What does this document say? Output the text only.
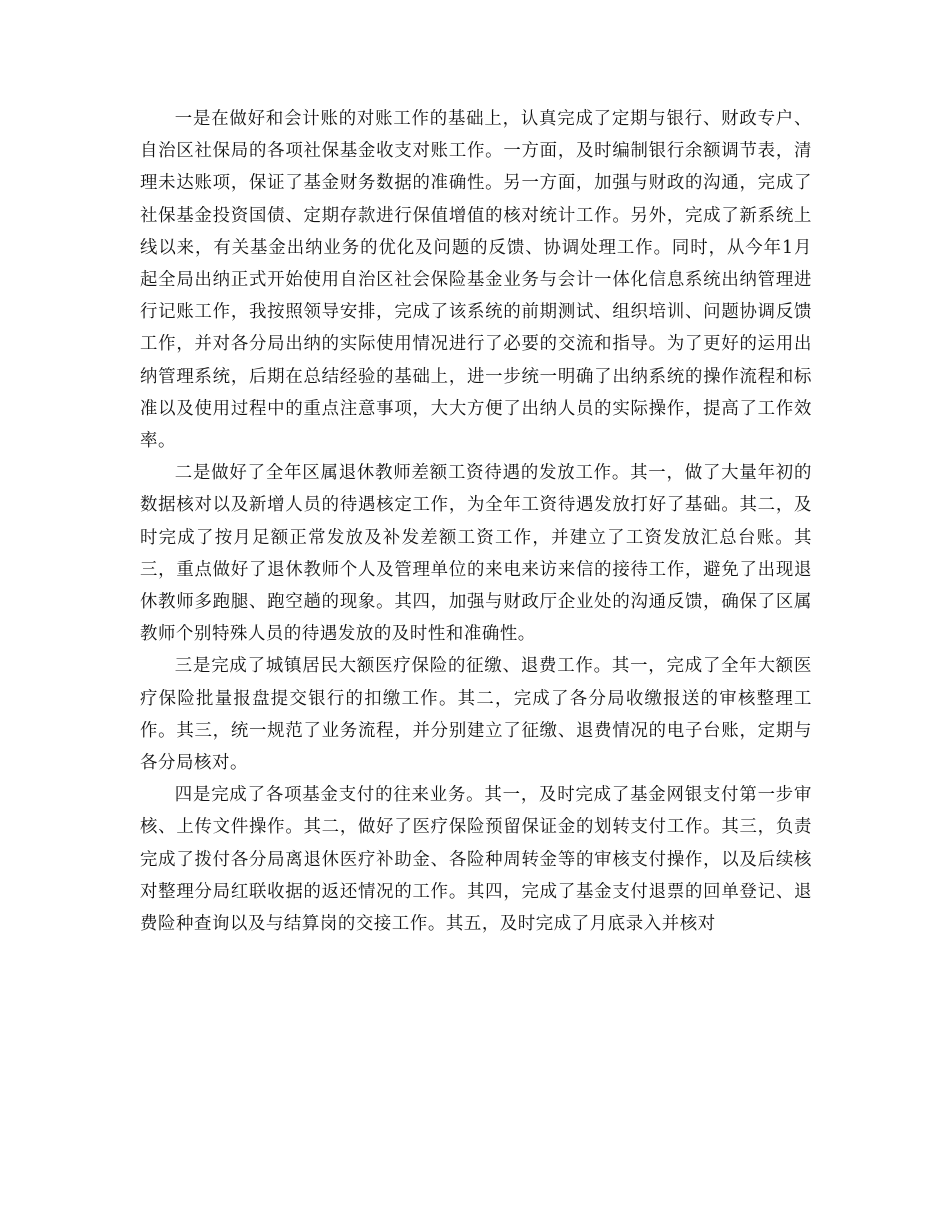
一是在做好和会计账的对账工作的基础上，认真完成了定期与银行、财政专户、自治区社保局的各项社保基金收支对账工作。一方面，及时编制银行余额调节表，清理未达账项，保证了基金财务数据的准确性。另一方面，加强与财政的沟通，完成了社保基金投资国债、定期存款进行保值增值的核对统计工作。另外，完成了新系统上线以来，有关基金出纳业务的优化及问题的反馈、协调处理工作。同时，从今年1月起全局出纳正式开始使用自治区社会保险基金业务与会计一体化信息系统出纳管理进行记账工作，我按照领导安排，完成了该系统的前期测试、组织培训、问题协调反馈工作，并对各分局出纳的实际使用情况进行了必要的交流和指导。为了更好的运用出纳管理系统，后期在总结经验的基础上，进一步统一明确了出纳系统的操作流程和标准以及使用过程中的重点注意事项，大大方便了出纳人员的实际操作，提高了工作效率。

二是做好了全年区属退休教师差额工资待遇的发放工作。其一，做了大量年初的数据核对以及新增人员的待遇核定工作，为全年工资待遇发放打好了基础。其二，及时完成了按月足额正常发放及补发差额工资工作，并建立了工资发放汇总台账。其三，重点做好了退休教师个人及管理单位的来电来访来信的接待工作，避免了出现退休教师多跑腿、跑空趟的现象。其四，加强与财政厅企业处的沟通反馈，确保了区属教师个别特殊人员的待遇发放的及时性和准确性。

三是完成了城镇居民大额医疗保险的征缴、退费工作。其一，完成了全年大额医疗保险批量报盘提交银行的扣缴工作。其二，完成了各分局收缴报送的审核整理工作。其三，统一规范了业务流程，并分别建立了征缴、退费情况的电子台账，定期与各分局核对。

四是完成了各项基金支付的往来业务。其一，及时完成了基金网银支付第一步审核、上传文件操作。其二，做好了医疗保险预留保证金的划转支付工作。其三，负责完成了拨付各分局离退休医疗补助金、各险种周转金等的审核支付操作，以及后续核对整理分局红联收据的返还情况的工作。其四，完成了基金支付退票的回单登记、退费险种查询以及与结算岗的交接工作。其五，及时完成了月底录入并核对
